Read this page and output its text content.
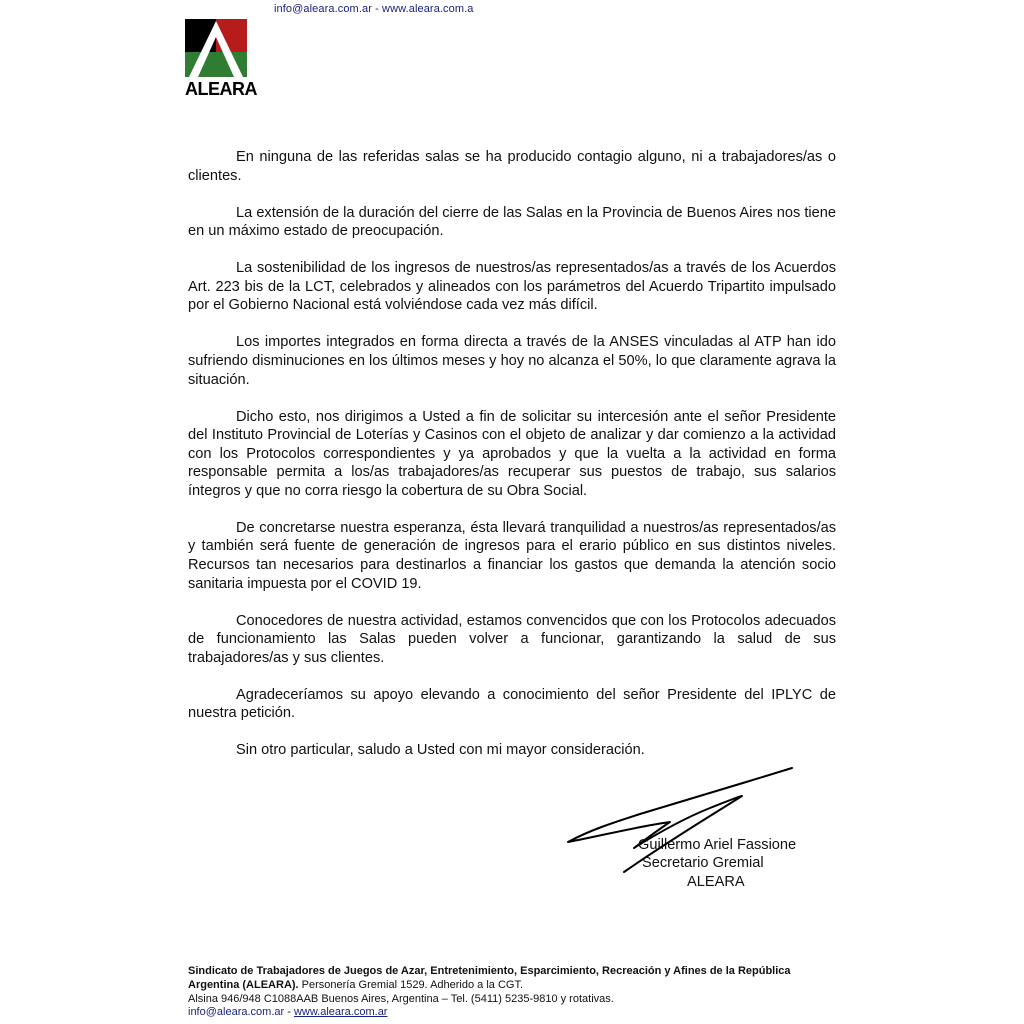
info@aleara.com.ar - www.aleara.com.a
ALEARA

En ninguna de las referidas salas se ha producido contagio alguno, ni a trabajadores/as o clientes.

La extensión de la duración del cierre de las Salas en la Provincia de Buenos Aires nos tiene en un máximo estado de preocupación.

La sostenibilidad de los ingresos de nuestros/as representados/as a través de los Acuerdos Art. 223 bis de la LCT, celebrados y alineados con los parámetros del Acuerdo Tripartito impulsado por el Gobierno Nacional está volviéndose cada vez más difícil.

Los importes integrados en forma directa a través de la ANSES vinculadas al ATP han ido sufriendo disminuciones en los últimos meses y hoy no alcanza el 50%, lo que claramente agrava la situación.

Dicho esto, nos dirigimos a Usted a fin de solicitar su intercesión ante el señor Presidente del Instituto Provincial de Loterías y Casinos con el objeto de analizar y dar comienzo a la actividad con los Protocolos correspondientes y ya aprobados y que la vuelta a la actividad en forma responsable permita a los/as trabajadores/as recuperar sus puestos de trabajo, sus salarios íntegros y que no corra riesgo la cobertura de su Obra Social.

De concretarse nuestra esperanza, ésta llevará tranquilidad a nuestros/as representados/as y también será fuente de generación de ingresos para el erario público en sus distintos niveles. Recursos tan necesarios para destinarlos a financiar los gastos que demanda la atención socio sanitaria impuesta por el COVID 19.

Conocedores de nuestra actividad, estamos convencidos que con los Protocolos adecuados de funcionamiento las Salas pueden volver a funcionar, garantizando la salud de sus trabajadores/as y sus clientes.

Agradeceríamos su apoyo elevando a conocimiento del señor Presidente del IPLYC de nuestra petición.

Sin otro particular, saludo a Usted con mi mayor consideración.

Guillermo Ariel Fassione
Secretario Gremial
ALEARA
Sindicato de Trabajadores de Juegos de Azar, Entretenimiento, Esparcimiento, Recreación y Afines de la República Argentina (ALEARA). Personería Gremial 1529. Adherido a la CGT.
Alsina 946/948 C1088AAB Buenos Aires, Argentina – Tel. (5411) 5235-9810 y rotativas.
info@aleara.com.ar - www.aleara.com.ar
